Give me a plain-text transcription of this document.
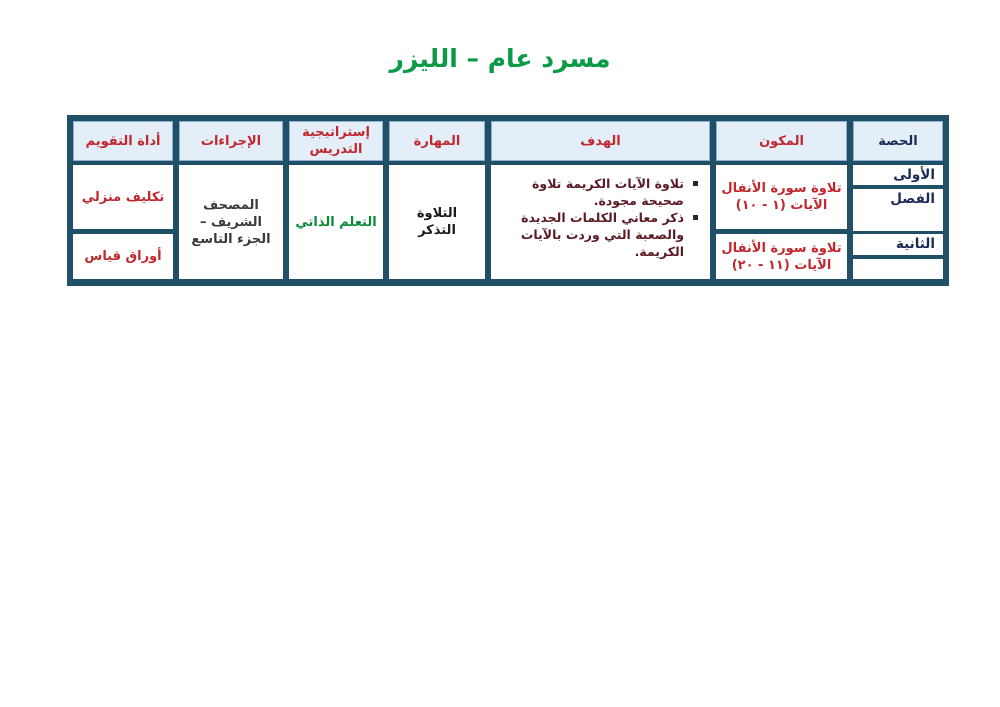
مسرد عام – الليزر
الحصة
المكون
الهدف
المهارة
إستراتيجية التدريس
الإجراءات
أداة التقويم
الأولى
الفصل
الثانية
تلاوة سورة الأنفال الآيات (١ - ١٠)
تلاوة سورة الأنفال الآيات (١١ - ٢٠)
تلاوة الآيات الكريمة تلاوة صحيحة مجودة.
ذكر معاني الكلمات الجديدة والصعبة التي وردت بالآيات الكريمة.
التلاوة التذكر
التعلم الذاتي
المصحف الشريف – الجزء التاسع
تكليف منزلي
أوراق قياس
